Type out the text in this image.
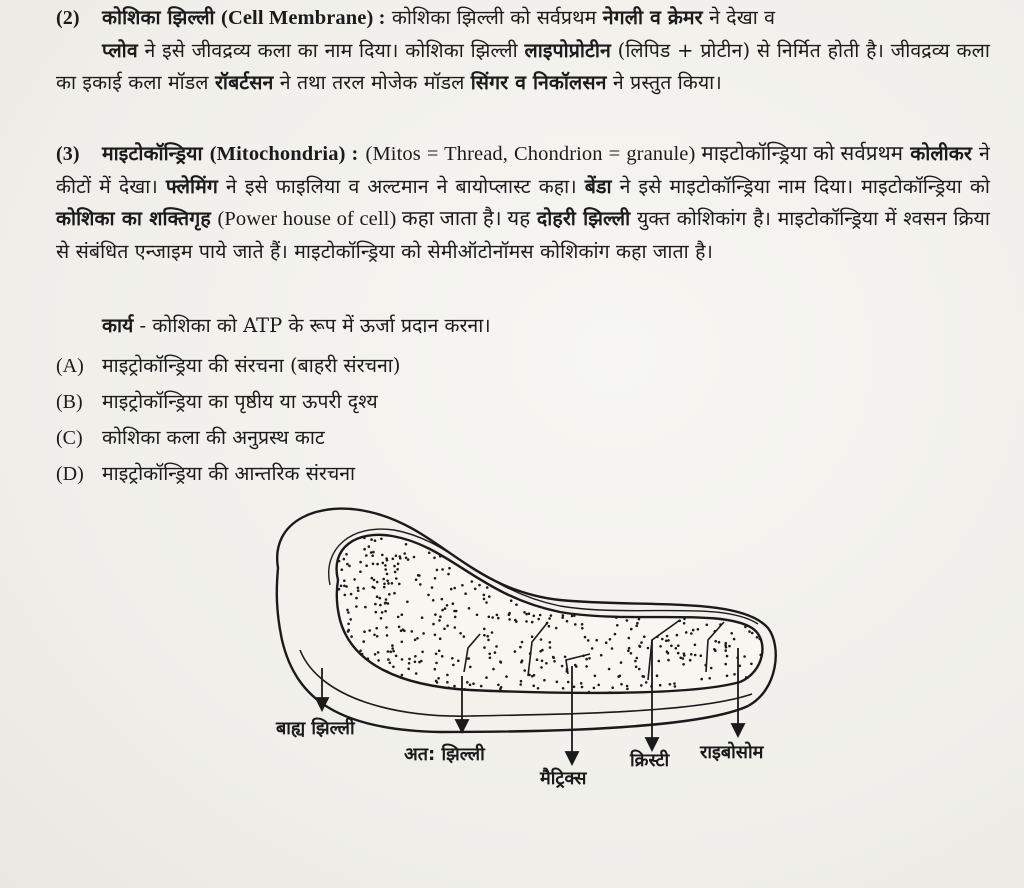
(2) कोशिका झिल्ली (Cell Membrane) : कोशिका झिल्ली को सर्वप्रथम नेगली व क्रेमर ने देखा व
प्लोव ने इसे जीवद्रव्य कला का नाम दिया। कोशिका झिल्ली लाइपोप्रोटीन (लिपिड + प्रोटीन) से निर्मित होती है। जीवद्रव्य कला का इकाई कला मॉडल रॉबर्टसन ने तथा तरल मोजेक मॉडल सिंगर व निकॉलसन ने प्रस्तुत किया।
(3) माइटोकॉन्ड्रिया (Mitochondria) : (Mitos = Thread, Chondrion = granule) माइटोकॉन्ड्रिया को सर्वप्रथम कोलीकर ने कीटों में देखा। फ्लेमिंग ने इसे फाइलिया व अल्टमान ने बायोप्लास्ट कहा। बेंडा ने इसे माइटोकॉन्ड्रिया नाम दिया। माइटोकॉन्ड्रिया को कोशिका का शक्तिगृह (Power house of cell) कहा जाता है। यह दोहरी झिल्ली युक्त कोशिकांग है। माइटोकॉन्ड्रिया में श्वसन क्रिया से संबंधित एन्जाइम पाये जाते हैं। माइटोकॉन्ड्रिया को सेमीऑटोनॉमस कोशिकांग कहा जाता है।
कार्य - कोशिका को ATP के रूप में ऊर्जा प्रदान करना।
(A) माइट्रोकॉन्ड्रिया की संरचना (बाहरी संरचना)
(B) माइट्रोकॉन्ड्रिया का पृष्ठीय या ऊपरी दृश्य
(C) कोशिका कला की अनुप्रस्थ काट
(D) माइट्रोकॉन्ड्रिया की आन्तरिक संरचना
बाह्य झिल्ली
अत: झिल्ली
मैट्रिक्स
क्रिस्टी राइबोसोम
